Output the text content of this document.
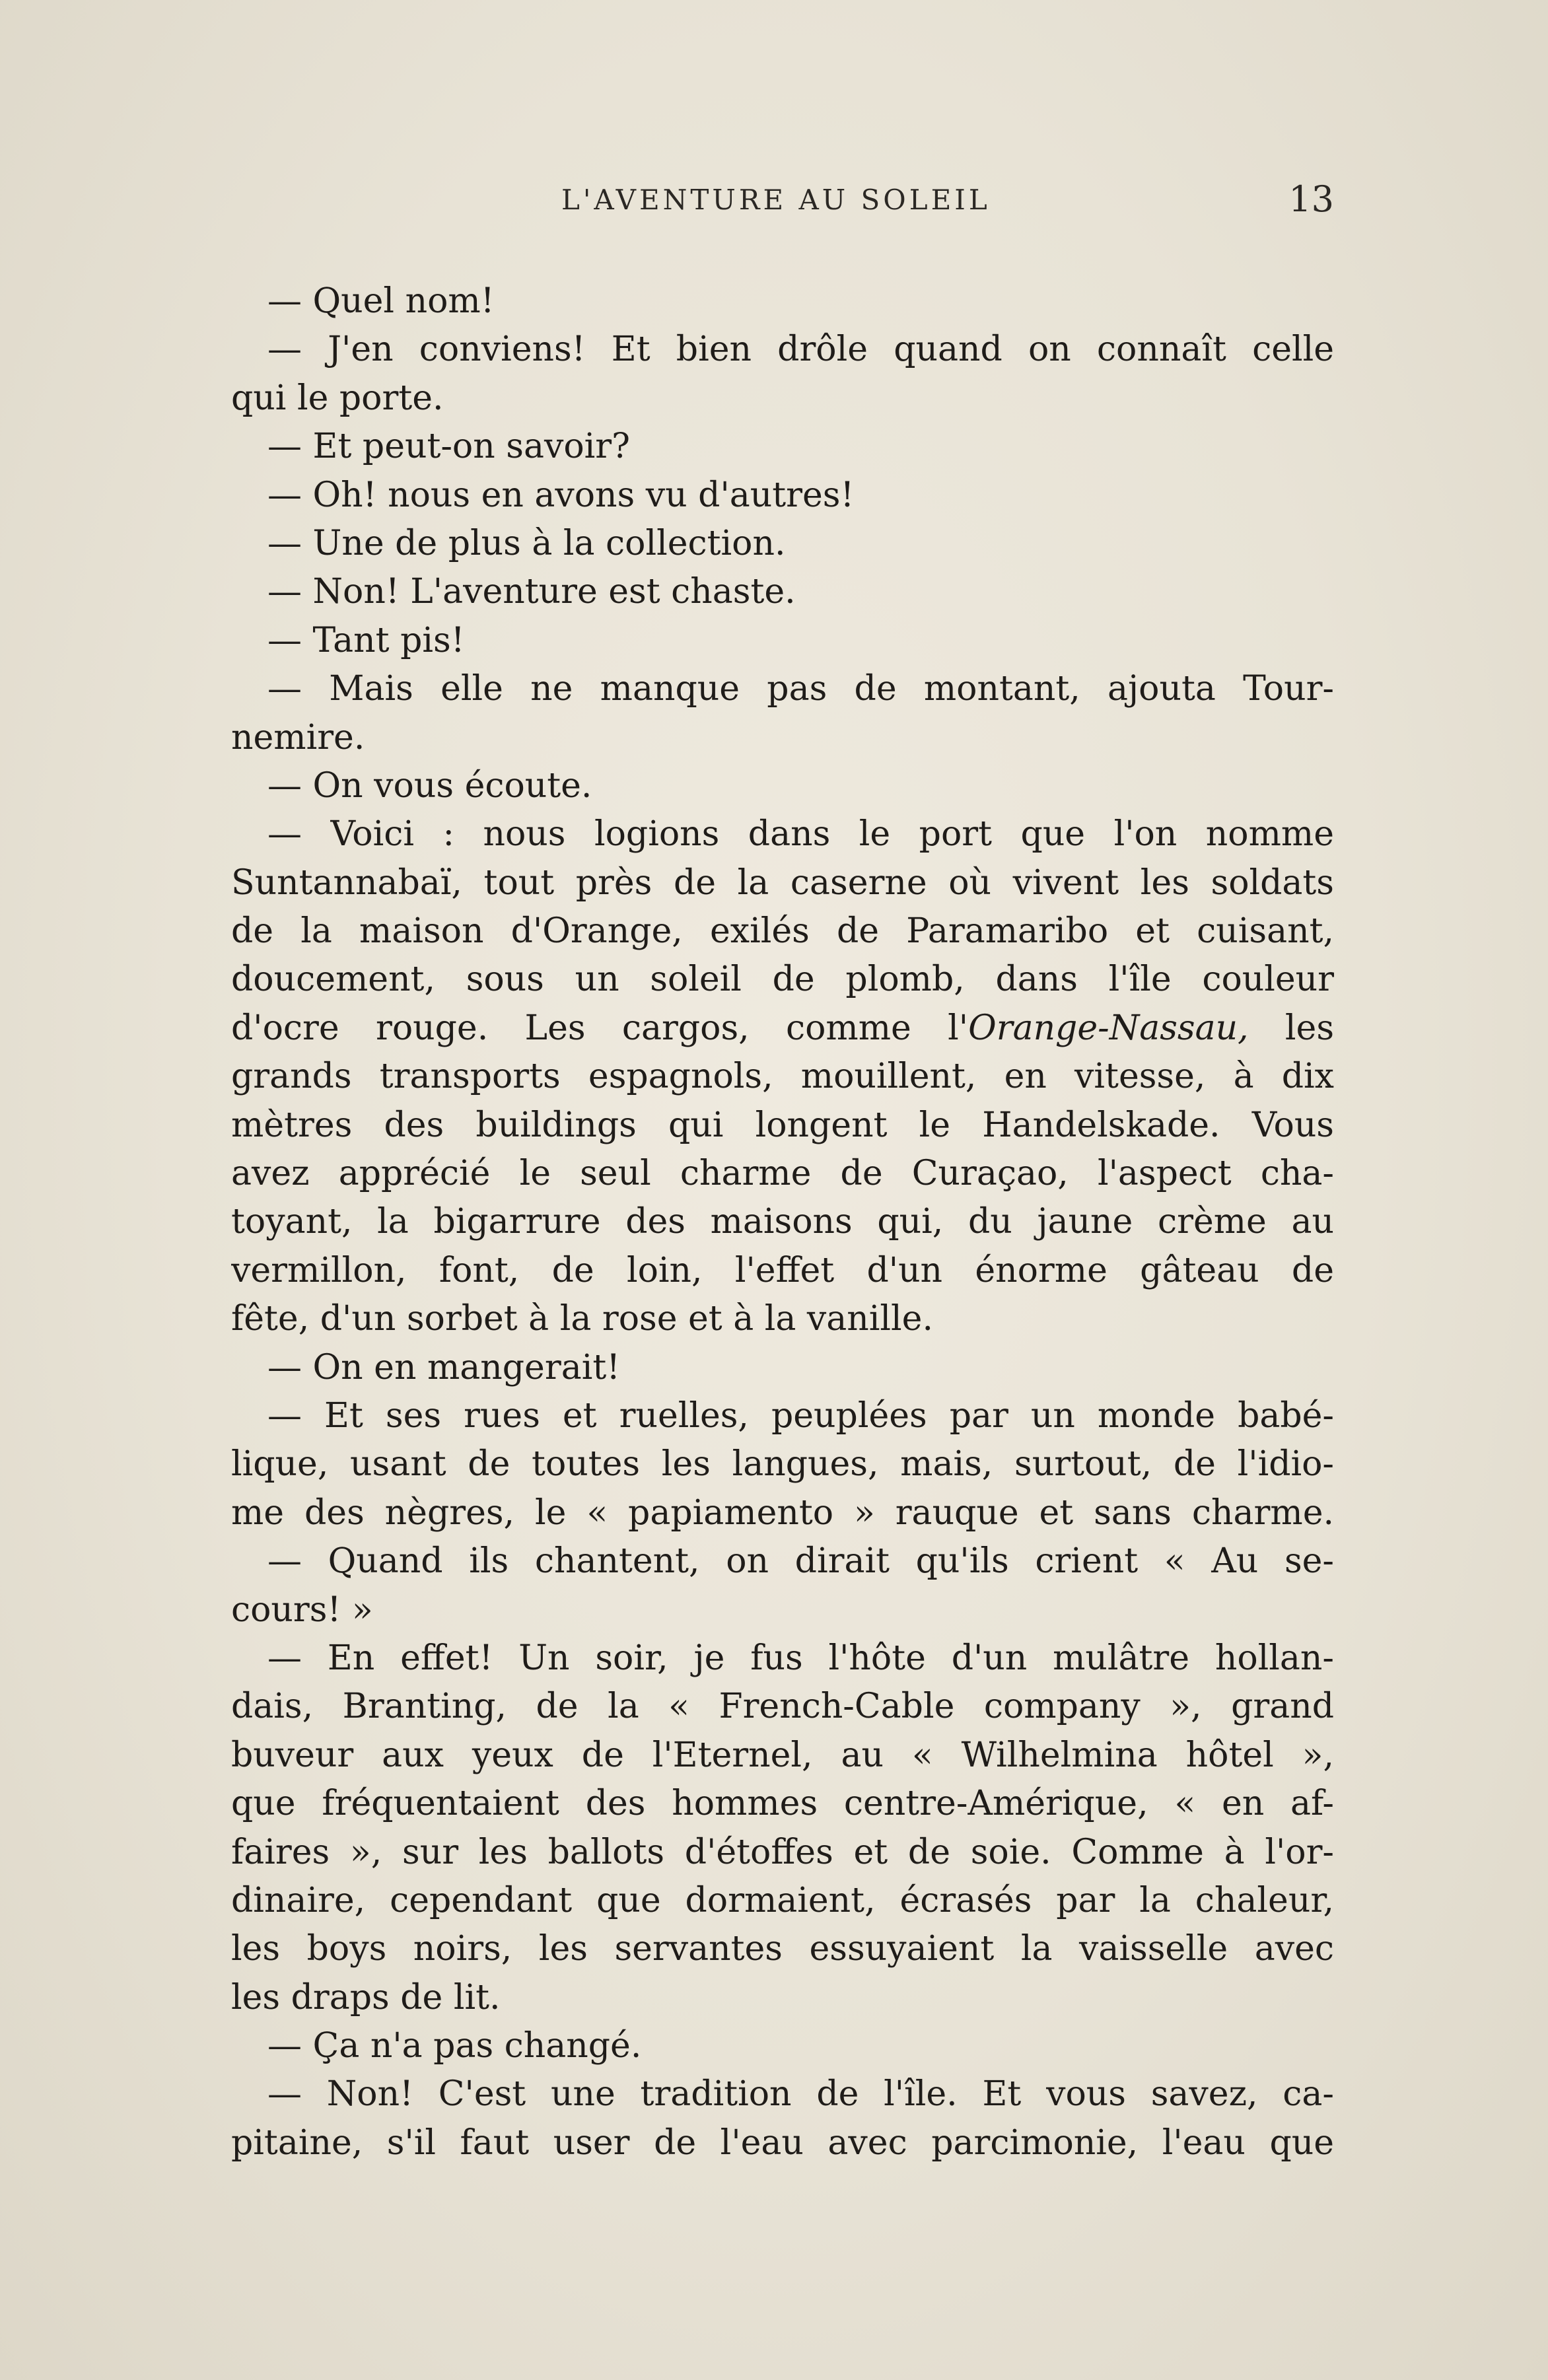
L'AVENTURE AU SOLEIL	13
— Quel nom!
— J'en conviens! Et bien drôle quand on connaît celle
qui le porte.
— Et peut-on savoir?
— Oh! nous en avons vu d'autres!
— Une de plus à la collection.
— Non! L'aventure est chaste.
— Tant pis!
— Mais elle ne manque pas de montant, ajouta Tour-
nemire.
— On vous écoute.
— Voici : nous logions dans le port que l'on nomme
Suntannabaï, tout près de la caserne où vivent les soldats
de la maison d'Orange, exilés de Paramaribo et cuisant,
doucement, sous un soleil de plomb, dans l'île couleur
d'ocre rouge. Les cargos, comme l'Orange-Nassau, les
grands transports espagnols, mouillent, en vitesse, à dix
mètres des buildings qui longent le Handelskade. Vous
avez apprécié le seul charme de Curaçao, l'aspect cha-
toyant, la bigarrure des maisons qui, du jaune crème au
vermillon, font, de loin, l'effet d'un énorme gâteau de
fête, d'un sorbet à la rose et à la vanille.
— On en mangerait!
— Et ses rues et ruelles, peuplées par un monde babé-
lique, usant de toutes les langues, mais, surtout, de l'idio-
me des nègres, le « papiamento » rauque et sans charme.
— Quand ils chantent, on dirait qu'ils crient « Au se-
cours! »
— En effet! Un soir, je fus l'hôte d'un mulâtre hollan-
dais, Branting, de la « French-Cable company », grand
buveur aux yeux de l'Eternel, au « Wilhelmina hôtel »,
que fréquentaient des hommes centre-Amérique, « en af-
faires », sur les ballots d'étoffes et de soie. Comme à l'or-
dinaire, cependant que dormaient, écrasés par la chaleur,
les boys noirs, les servantes essuyaient la vaisselle avec
les draps de lit.
— Ça n'a pas changé.
— Non! C'est une tradition de l'île. Et vous savez, ca-
pitaine, s'il faut user de l'eau avec parcimonie, l'eau que
